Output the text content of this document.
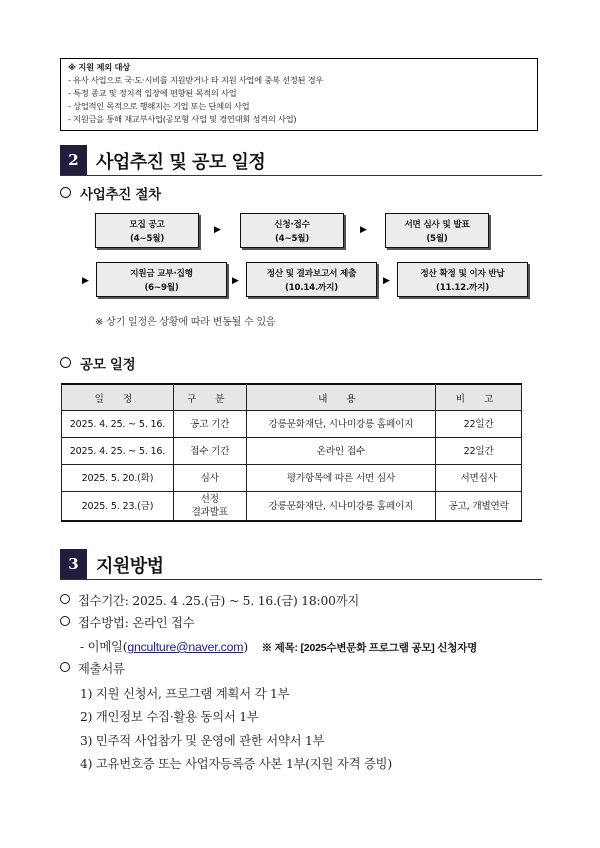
※ 지원 제외 대상
- 유사 사업으로 국·도·시비를 지원받거나 타 지원 사업에 중복 선정된 경우
- 특정 종교 및 정치적 입장에 편향된 목적의 사업
- 상업적인 목적으로 행해지는 기업 또는 단체의 사업
- 지원금을 통해 재교부사업(공모형 사업 및 경연대회 성격의 사업)
2 사업추진 및 공모 일정
사업추진 절차
모집 공고
(4~5월)
▶	신청·접수
(4~5월)
▶	서면 심사 및 발표
(5월)
▶
지원금 교부·집행
(6~9월)
▶
정산 및 결과보고서 제출
(10.14.까지)
▶
정산 확정 및 이자 반납
(11.12.까지)
※ 상기 일정은 상황에 따라 변동될 수 있음
공모 일정
일 정	구 분	내 용	비 고
2025. 4. 25. ~ 5. 16.	공고 기간	강릉문화재단, 시나미강릉 홈페이지	22일간
2025. 4. 25. ~ 5. 16.	접수 기간	온라인 접수	22일간
2025. 5. 20.(화)	심사	평가항목에 따른 서면 심사	서면심사
2025. 5. 23.(금)	선정
결과발표	강릉문화재단, 시나미강릉 홈페이지	공고, 개별연락
3 지원방법
접수기간: 2025. 4 .25.(금) ~ 5. 16.(금) 18:00까지
접수방법: 온라인 접수
- 이메일(gnculture@naver.com) ※ 제목: [2025수변문화 프로그램 공모] 신청자명
제출서류
1) 지원 신청서, 프로그램 계획서 각 1부
2) 개인정보 수집·활용 동의서 1부
3) 민주적 사업참가 및 운영에 관한 서약서 1부
4) 고유번호증 또는 사업자등록증 사본 1부(지원 자격 증빙)
